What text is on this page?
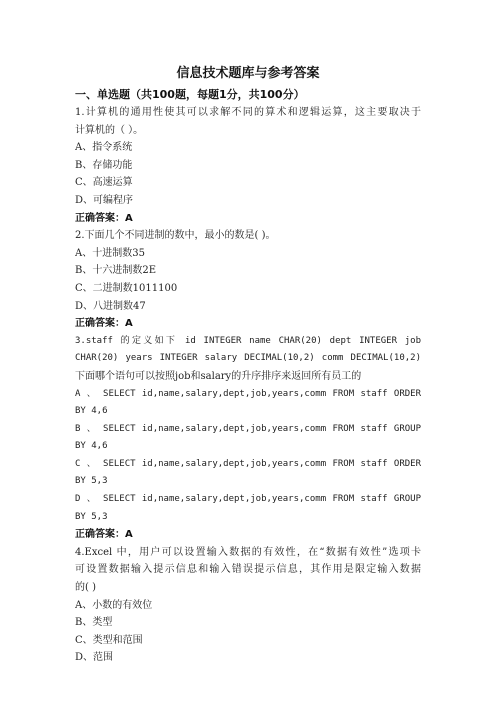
信息技术题库与参考答案
一、单选题（共100题，每题1分，共100分）

1.计算机的通用性使其可以求解不同的算术和逻辑运算，这主要取决于

计算机的（ ）。

A、指令系统

B、存储功能

C、高速运算

D、可编程序

正确答案：A

2.下面几个不同进制的数中，最小的数是( )。

A、十进制数35

B、十六进制数2E

C、二进制数1011100

D、八进制数47

正确答案：A

3.staff 的定义如下 id INTEGER name CHAR(20) dept INTEGER job

CHAR(20) years INTEGER salary DECIMAL(10,2) comm DECIMAL(10,2)

下面哪个语句可以按照job和salary的升序排序来返回所有员工的

A 、 SELECT id,name,salary,dept,job,years,comm FROM staff ORDER

BY 4,6

B 、 SELECT id,name,salary,dept,job,years,comm FROM staff GROUP

BY 4,6

C 、 SELECT id,name,salary,dept,job,years,comm FROM staff ORDER

BY 5,3

D 、 SELECT id,name,salary,dept,job,years,comm FROM staff GROUP

BY 5,3

正确答案：A

4.Excel 中，用户可以设置输入数据的有效性，在“数据有效性”选项卡

可设置数据输入提示信息和输入错误提示信息，其作用是限定输入数据

的( )

A、小数的有效位

B、类型

C、类型和范围

D、范围
